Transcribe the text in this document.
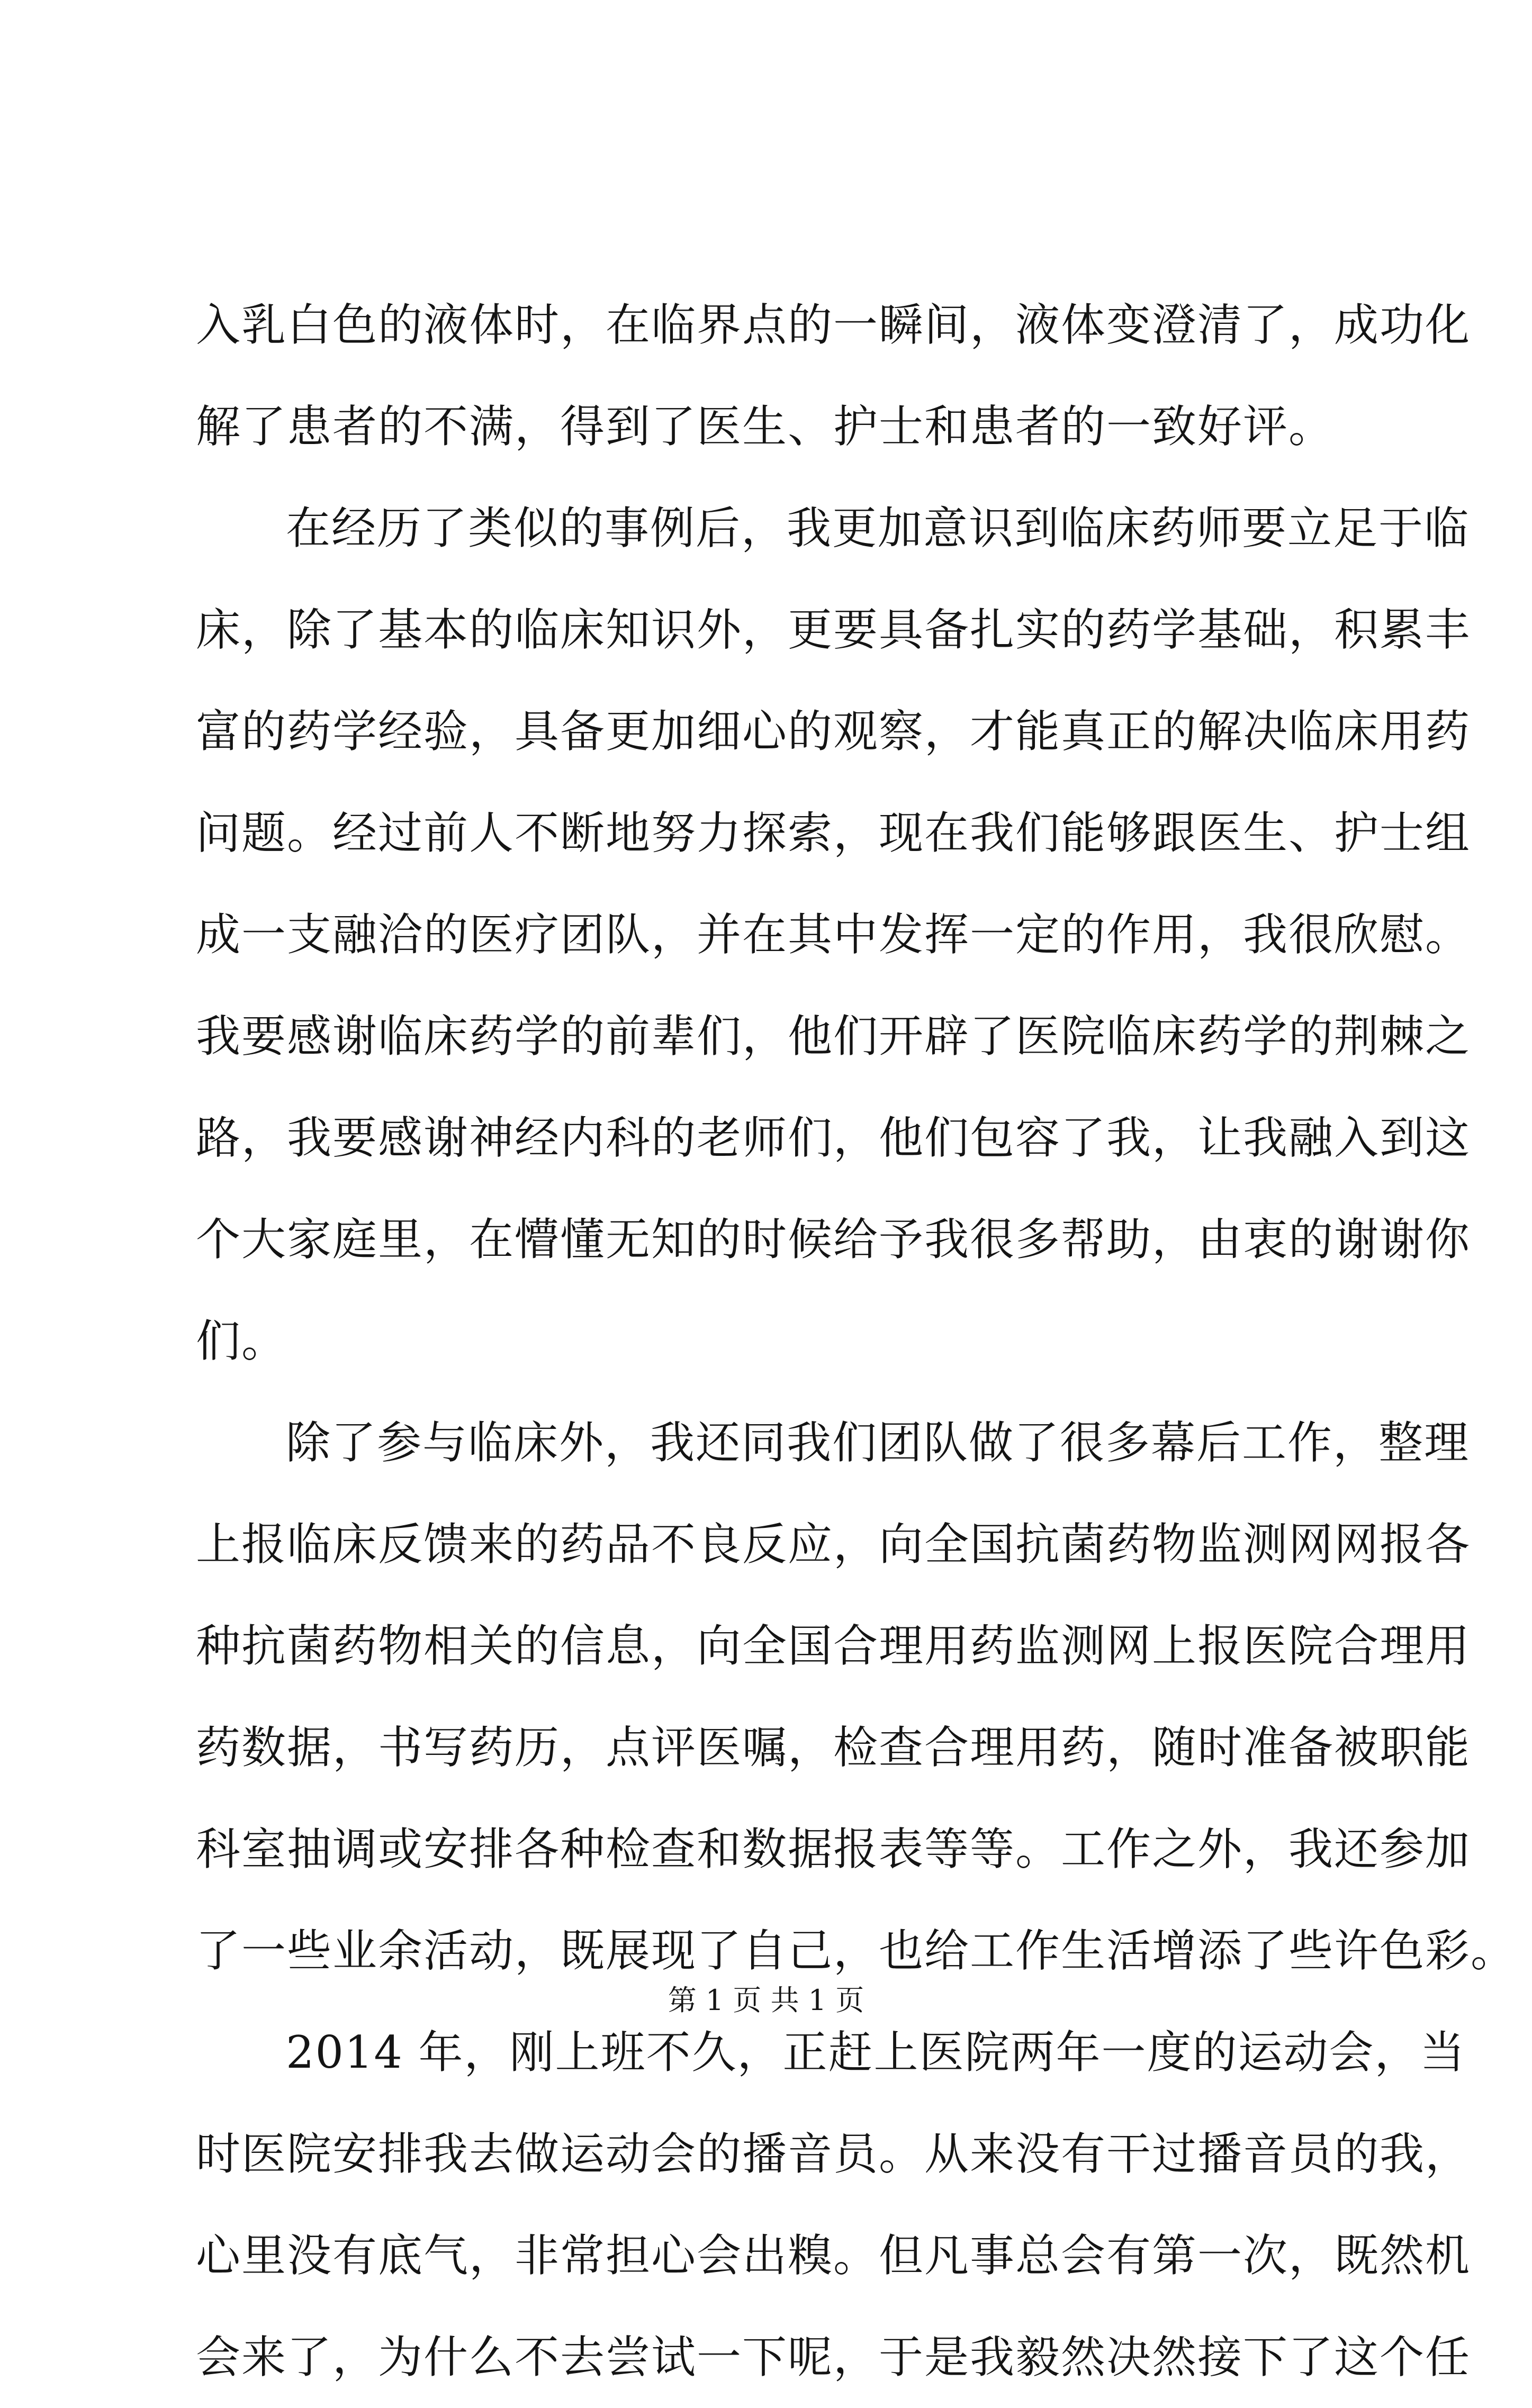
入乳白色的液体时，在临界点的一瞬间，液体变澄清了，成功化
解了患者的不满，得到了医生、护士和患者的一致好评。
在经历了类似的事例后，我更加意识到临床药师要立足于临
床，除了基本的临床知识外，更要具备扎实的药学基础，积累丰
富的药学经验，具备更加细心的观察，才能真正的解决临床用药
问题。经过前人不断地努力探索，现在我们能够跟医生、护士组
成一支融洽的医疗团队，并在其中发挥一定的作用，我很欣慰。
我要感谢临床药学的前辈们，他们开辟了医院临床药学的荆棘之
路，我要感谢神经内科的老师们，他们包容了我，让我融入到这
个大家庭里，在懵懂无知的时候给予我很多帮助，由衷的谢谢你
们。
除了参与临床外，我还同我们团队做了很多幕后工作，整理
上报临床反馈来的药品不良反应，向全国抗菌药物监测网网报各
种抗菌药物相关的信息，向全国合理用药监测网上报医院合理用
药数据，书写药历，点评医嘱，检查合理用药，随时准备被职能
科室抽调或安排各种检查和数据报表等等。工作之外，我还参加
了一些业余活动，既展现了自己，也给工作生活增添了些许色彩。
2014 年，刚上班不久，正赶上医院两年一度的运动会，当
时医院安排我去做运动会的播音员。从来没有干过播音员的我，
心里没有底气，非常担心会出糗。但凡事总会有第一次，既然机
会来了，为什么不去尝试一下呢，于是我毅然决然接下了这个任
第 1 页 共 1 页
